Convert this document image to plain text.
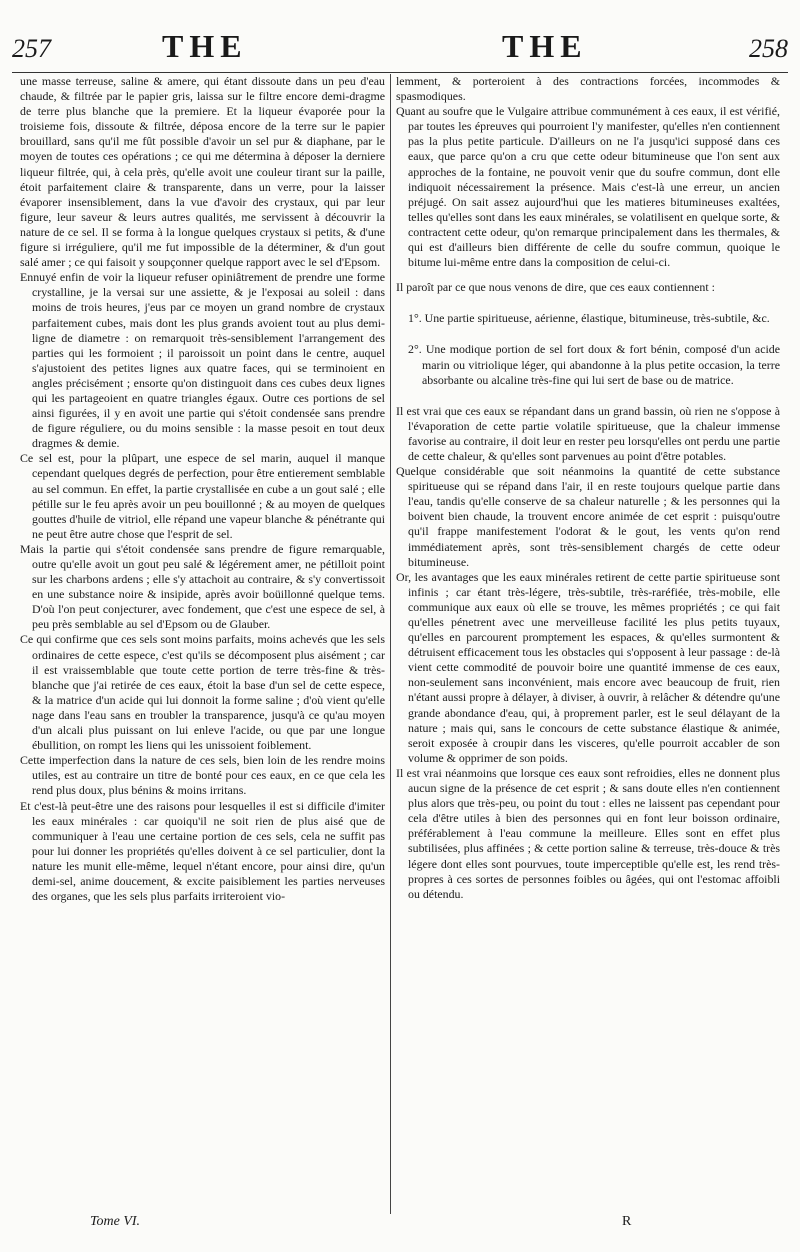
257	THE	THE	258

une masse terreuse, saline & amere, qui étant dissoute dans un peu d'eau chaude, & filtrée par le papier gris, laissa sur le filtre encore demi-dragme de terre plus blanche que la premiere. Et la liqueur évaporée pour la troisieme fois, dissoute & filtrée, déposa encore de la terre sur le papier brouillard, sans qu'il me fût possible d'avoir un sel pur & diaphane, par le moyen de toutes ces opérations ; ce qui me détermina à déposer la derniere liqueur filtrée, qui, à cela près, qu'elle avoit une couleur tirant sur la paille, étoit parfaitement claire & transparente, dans un verre, pour la laisser évaporer insensiblement, dans la vue d'avoir des crystaux, qui par leur figure, leur saveur & leurs autres qualités, me servissent à découvrir la nature de ce sel. Il se forma à la longue quelques crystaux si petits, & d'une figure si irréguliere, qu'il me fut impossible de la déterminer, & d'un gout salé amer ; ce qui faisoit y soupçonner quelque rapport avec le sel d'Epsom.

Ennuyé enfin de voir la liqueur refuser opiniâtrement de prendre une forme crystalline, je la versai sur une assiette, & je l'exposai au soleil : dans moins de trois heures, j'eus par ce moyen un grand nombre de crystaux parfaitement cubes, mais dont les plus grands avoient tout au plus demi-ligne de diametre : on remarquoit très-sensiblement l'arrangement des parties qui les formoient ; il paroissoit un point dans le centre, auquel s'ajustoient des petites lignes aux quatre faces, qui se terminoient en angles précisément ; ensorte qu'on distinguoit dans ces cubes deux lignes qui les partageoient en quatre triangles égaux. Outre ces portions de sel ainsi figurées, il y en avoit une partie qui s'étoit condensée sans prendre de figure réguliere, ou du moins sensible : la masse pesoit en tout deux dragmes & demie.

Ce sel est, pour la plûpart, une espece de sel marin, auquel il manque cependant quelques degrés de perfection, pour être entierement semblable au sel commun. En effet, la partie crystallisée en cube a un gout salé ; elle pétille sur le feu après avoir un peu bouillonné ; & au moyen de quelques gouttes d'huile de vitriol, elle répand une vapeur blanche & pénétrante qui ne peut être autre chose que l'esprit de sel.

Mais la partie qui s'étoit condensée sans prendre de figure remarquable, outre qu'elle avoit un gout peu salé & légérement amer, ne pétilloit point sur les charbons ardens ; elle s'y attachoit au contraire, & s'y convertissoit en une substance noire & insipide, après avoir boüillonné quelque tems. D'où l'on peut conjecturer, avec fondement, que c'est une espece de sel, à peu près semblable au sel d'Epsom ou de Glauber.

Ce qui confirme que ces sels sont moins parfaits, moins achevés que les sels ordinaires de cette espece, c'est qu'ils se décomposent plus aisément ; car il est vraissemblable que toute cette portion de terre très-fine & très-blanche que j'ai retirée de ces eaux, étoit la base d'un sel de cette espece, & la matrice d'un acide qui lui donnoit la forme saline ; d'où vient qu'elle nage dans l'eau sans en troubler la transparence, jusqu'à ce qu'au moyen d'un alcali plus puissant on lui enleve l'acide, ou que par une longue ébullition, on rompt les liens qui les unissoient foiblement.

Cette imperfection dans la nature de ces sels, bien loin de les rendre moins utiles, est au contraire un titre de bonté pour ces eaux, en ce que cela les rend plus doux, plus bénins & moins irritans.

Et c'est-là peut-être une des raisons pour lesquelles il est si difficile d'imiter les eaux minérales : car quoiqu'il ne soit rien de plus aisé que de communiquer à l'eau une certaine portion de ces sels, cela ne suffit pas pour lui donner les propriétés qu'elles doivent à ce sel particulier, dont la nature les munit elle-même, lequel n'étant encore, pour ainsi dire, qu'un demi-sel, anime doucement, & excite paisiblement les parties nerveuses des organes, que les sels plus parfaits irriteroient vio-

lemment, & porteroient à des contractions forcées, incommodes & spasmodiques.

Quant au soufre que le Vulgaire attribue communément à ces eaux, il est vérifié, par toutes les épreuves qui pourroient l'y manifester, qu'elles n'en contiennent pas la plus petite particule. D'ailleurs on ne l'a jusqu'ici supposé dans ces eaux, que parce qu'on a cru que cette odeur bitumineuse que l'on sent aux approches de la fontaine, ne pouvoit venir que du soufre commun, dont elle indiquoit nécessairement la présence. Mais c'est-là une erreur, un ancien préjugé. On sait assez aujourd'hui que les matieres bitumineuses exaltées, telles qu'elles sont dans les eaux minérales, se volatilisent en quelque sorte, & contractent cette odeur, qu'on remarque principalement dans les thermales, & qui est d'ailleurs bien différente de celle du soufre commun, quoique le bitume lui-même entre dans la composition de celui-ci.

Il paroît par ce que nous venons de dire, que ces eaux contiennent :

1°. Une partie spiritueuse, aérienne, élastique, bitumineuse, très-subtile, &c.

2°. Une modique portion de sel fort doux & fort bénin, composé d'un acide marin ou vitriolique léger, qui abandonne à la plus petite occasion, la terre absorbante ou alcaline très-fine qui lui sert de base ou de matrice.

Il est vrai que ces eaux se répandant dans un grand bassin, où rien ne s'oppose à l'évaporation de cette partie volatile spiritueuse, que la chaleur immense favorise au contraire, il doit leur en rester peu lorsqu'elles ont perdu une partie de cette chaleur, & qu'elles sont parvenues au point d'être potables.

Quelque considérable que soit néanmoins la quantité de cette substance spiritueuse qui se répand dans l'air, il en reste toujours quelque partie dans l'eau, tandis qu'elle conserve de sa chaleur naturelle ; & les personnes qui la boivent bien chaude, la trouvent encore animée de cet esprit : puisqu'outre qu'il frappe manifestement l'odorat & le gout, les vents qu'on rend immédiatement après, sont très-sensiblement chargés de cette odeur bitumineuse.

Or, les avantages que les eaux minérales retirent de cette partie spiritueuse sont infinis ; car étant très-légere, très-subtile, très-raréfiée, très-mobile, elle communique aux eaux où elle se trouve, les mêmes propriétés ; ce qui fait qu'elles pénetrent avec une merveilleuse facilité les plus petits tuyaux, qu'elles en parcourent promptement les espaces, & qu'elles surmontent & détruisent efficacement tous les obstacles qui s'opposent à leur passage : de-là vient cette commodité de pouvoir boire une quantité immense de ces eaux, non-seulement sans inconvénient, mais encore avec beaucoup de fruit, rien n'étant aussi propre à délayer, à diviser, à ouvrir, à relâcher & détendre qu'une grande abondance d'eau, qui, à proprement parler, est le seul délayant de la nature ; mais qui, sans le concours de cette substance élastique & animée, seroit exposée à croupir dans les visceres, qu'elle pourroit accabler de son volume & opprimer de son poids.

Il est vrai néanmoins que lorsque ces eaux sont refroidies, elles ne donnent plus aucun signe de la présence de cet esprit ; & sans doute elles n'en contiennent plus alors que très-peu, ou point du tout : elles ne laissent pas cependant pour cela d'être utiles à bien des personnes qui en font leur boisson ordinaire, préférablement à l'eau commune la meilleure. Elles sont en effet plus subtilisées, plus affinées ; & cette portion saline & terreuse, très-douce & très légere dont elles sont pourvues, toute imperceptible qu'elle est, les rend très-propres à ces sortes de personnes foibles ou âgées, qui ont l'estomac affoibli ou détendu.

Tome VI.	R
